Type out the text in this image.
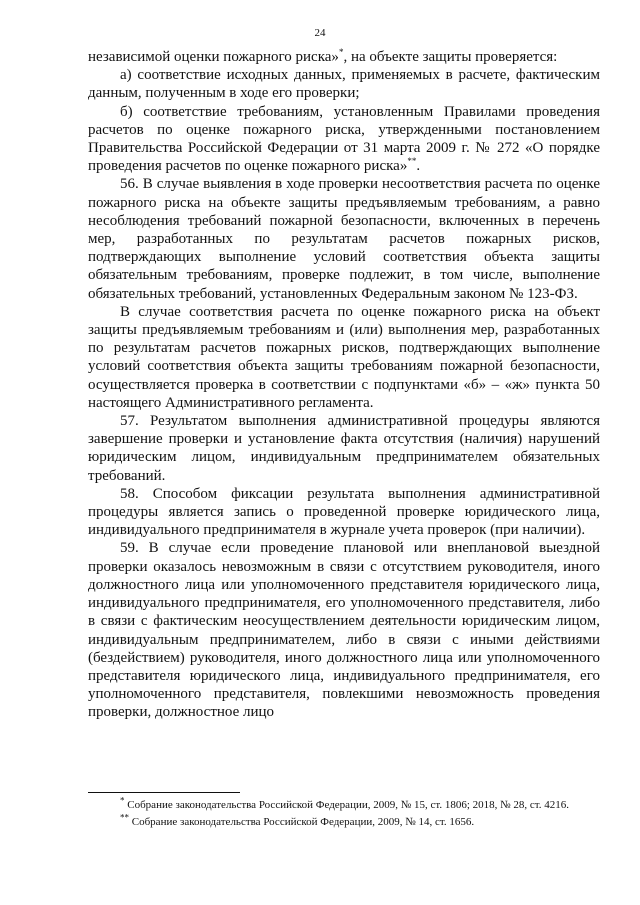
24

независимой оценки пожарного риска»*, на объекте защиты проверяется:

а) соответствие исходных данных, применяемых в расчете, фактическим данным, полученным в ходе его проверки;

б) соответствие требованиям, установленным Правилами проведения расчетов по оценке пожарного риска, утвержденными постановлением Правительства Российской Федерации от 31 марта 2009 г. № 272 «О порядке проведения расчетов по оценке пожарного риска»**.

56. В случае выявления в ходе проверки несоответствия расчета по оценке пожарного риска на объекте защиты предъявляемым требованиям, а равно несоблюдения требований пожарной безопасности, включенных в перечень мер, разработанных по результатам расчетов пожарных рисков, подтверждающих выполнение условий соответствия объекта защиты обязательным требованиям, проверке подлежит, в том числе, выполнение обязательных требований, установленных Федеральным законом № 123-ФЗ.

В случае соответствия расчета по оценке пожарного риска на объект защиты предъявляемым требованиям и (или) выполнения мер, разработанных по результатам расчетов пожарных рисков, подтверждающих выполнение условий соответствия объекта защиты требованиям пожарной безопасности, осуществляется проверка в соответствии с подпунктами «б» – «ж» пункта 50 настоящего Административного регламента.

57. Результатом выполнения административной процедуры являются завершение проверки и установление факта отсутствия (наличия) нарушений юридическим лицом, индивидуальным предпринимателем обязательных требований.

58. Способом фиксации результата выполнения административной процедуры является запись о проведенной проверке юридического лица, индивидуального предпринимателя в журнале учета проверок (при наличии).

59. В случае если проведение плановой или внеплановой выездной проверки оказалось невозможным в связи с отсутствием руководителя, иного должностного лица или уполномоченного представителя юридического лица, индивидуального предпринимателя, его уполномоченного представителя, либо в связи с фактическим неосуществлением деятельности юридическим лицом, индивидуальным предпринимателем, либо в связи с иными действиями (бездействием) руководителя, иного должностного лица или уполномоченного представителя юридического лица, индивидуального предпринимателя, его уполномоченного представителя, повлекшими невозможность проведения проверки, должностное лицо

* Собрание законодательства Российской Федерации, 2009, № 15, ст. 1806; 2018, № 28, ст. 4216.

** Собрание законодательства Российской Федерации, 2009, № 14, ст. 1656.
